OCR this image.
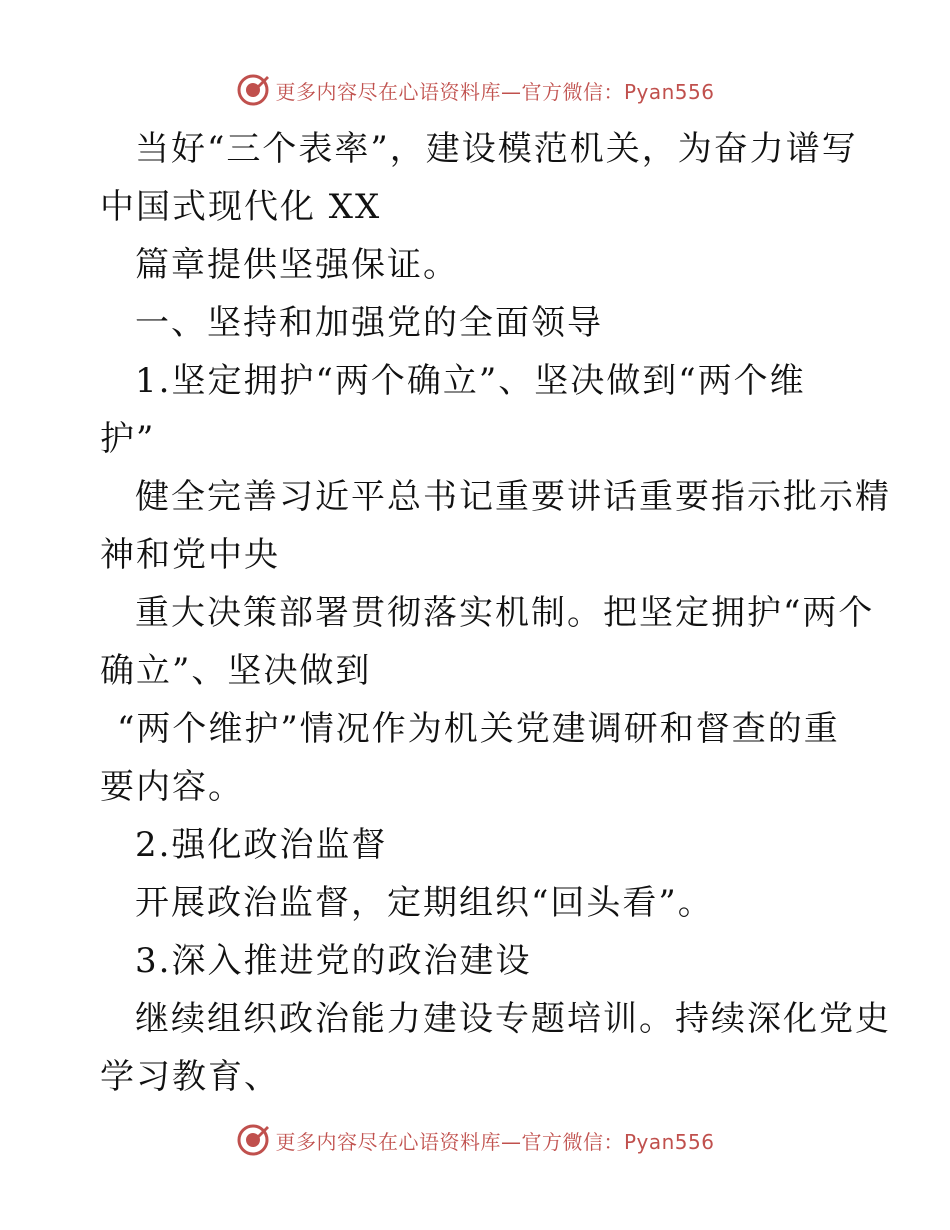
更多内容尽在心语资料库—官方微信：Pyan556
当好“三个表率”，建设模范机关，为奋力谱写
中国式现代化 XX
篇章提供坚强保证。
一、坚持和加强党的全面领导
1.坚定拥护“两个确立”、坚决做到“两个维
护”
健全完善习近平总书记重要讲话重要指示批示精
神和党中央
重大决策部署贯彻落实机制。把坚定拥护“两个
确立”、坚决做到
“两个维护”情况作为机关党建调研和督查的重
要内容。
2.强化政治监督
开展政治监督，定期组织“回头看”。
3.深入推进党的政治建设
继续组织政治能力建设专题培训。持续深化党史
学习教育、
更多内容尽在心语资料库—官方微信：Pyan556
